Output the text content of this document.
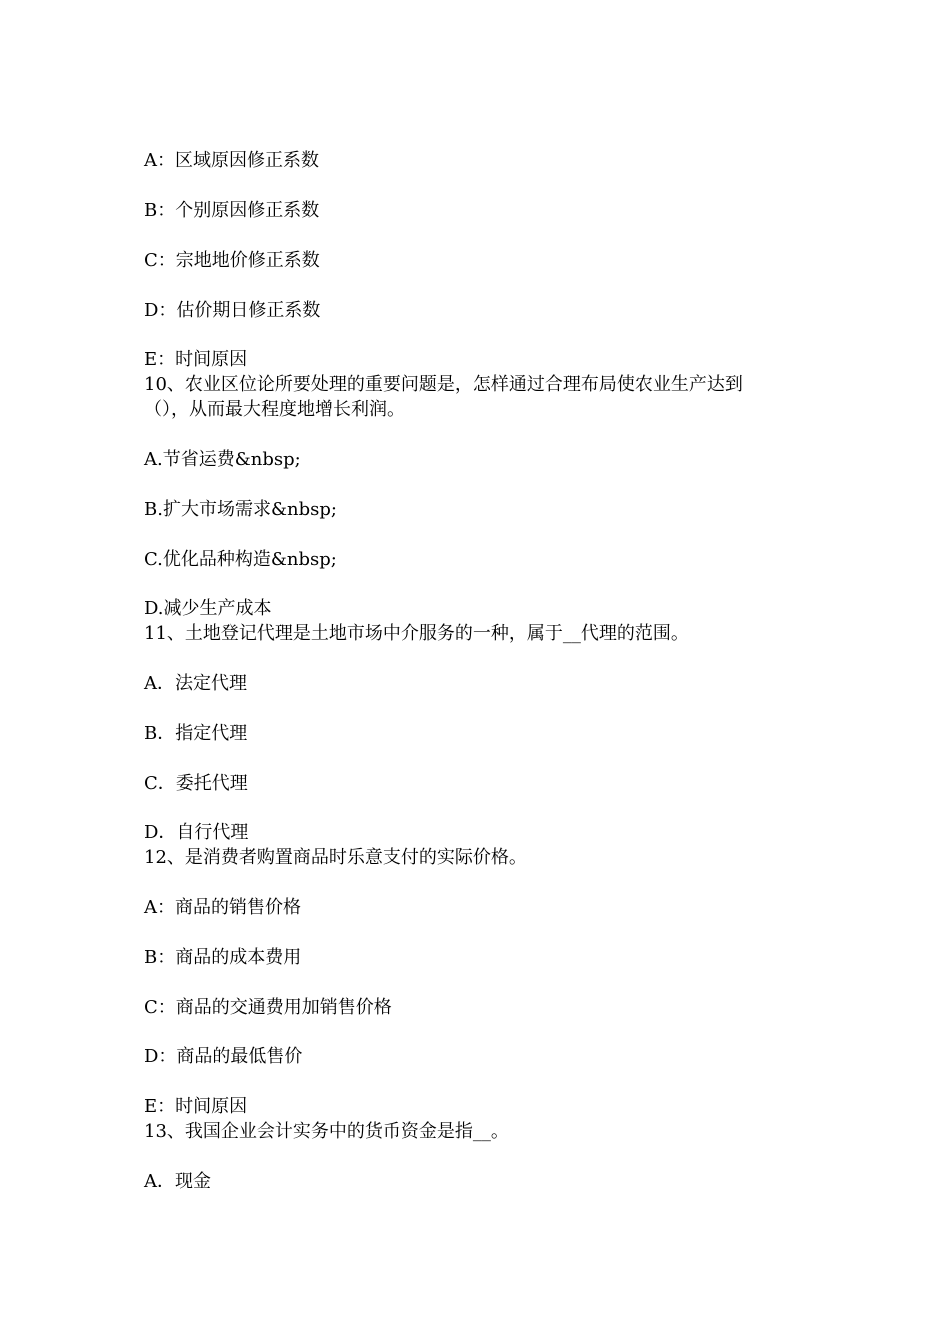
A：区域原因修正系数
B：个别原因修正系数
C：宗地地价修正系数
D：估价期日修正系数
E：时间原因
10、农业区位论所要处理的重要问题是，怎样通过合理布局使农业生产达到
（），从而最大程度地增长利润。
A.节省运费&nbsp;
B.扩大市场需求&nbsp;
C.优化品种构造&nbsp;
D.减少生产成本
11、土地登记代理是土地市场中介服务的一种，属于__代理的范围。
A．法定代理
B．指定代理
C．委托代理
D．自行代理
12、是消费者购置商品时乐意支付的实际价格。
A：商品的销售价格
B：商品的成本费用
C：商品的交通费用加销售价格
D：商品的最低售价
E：时间原因
13、我国企业会计实务中的货币资金是指__。
A．现金
